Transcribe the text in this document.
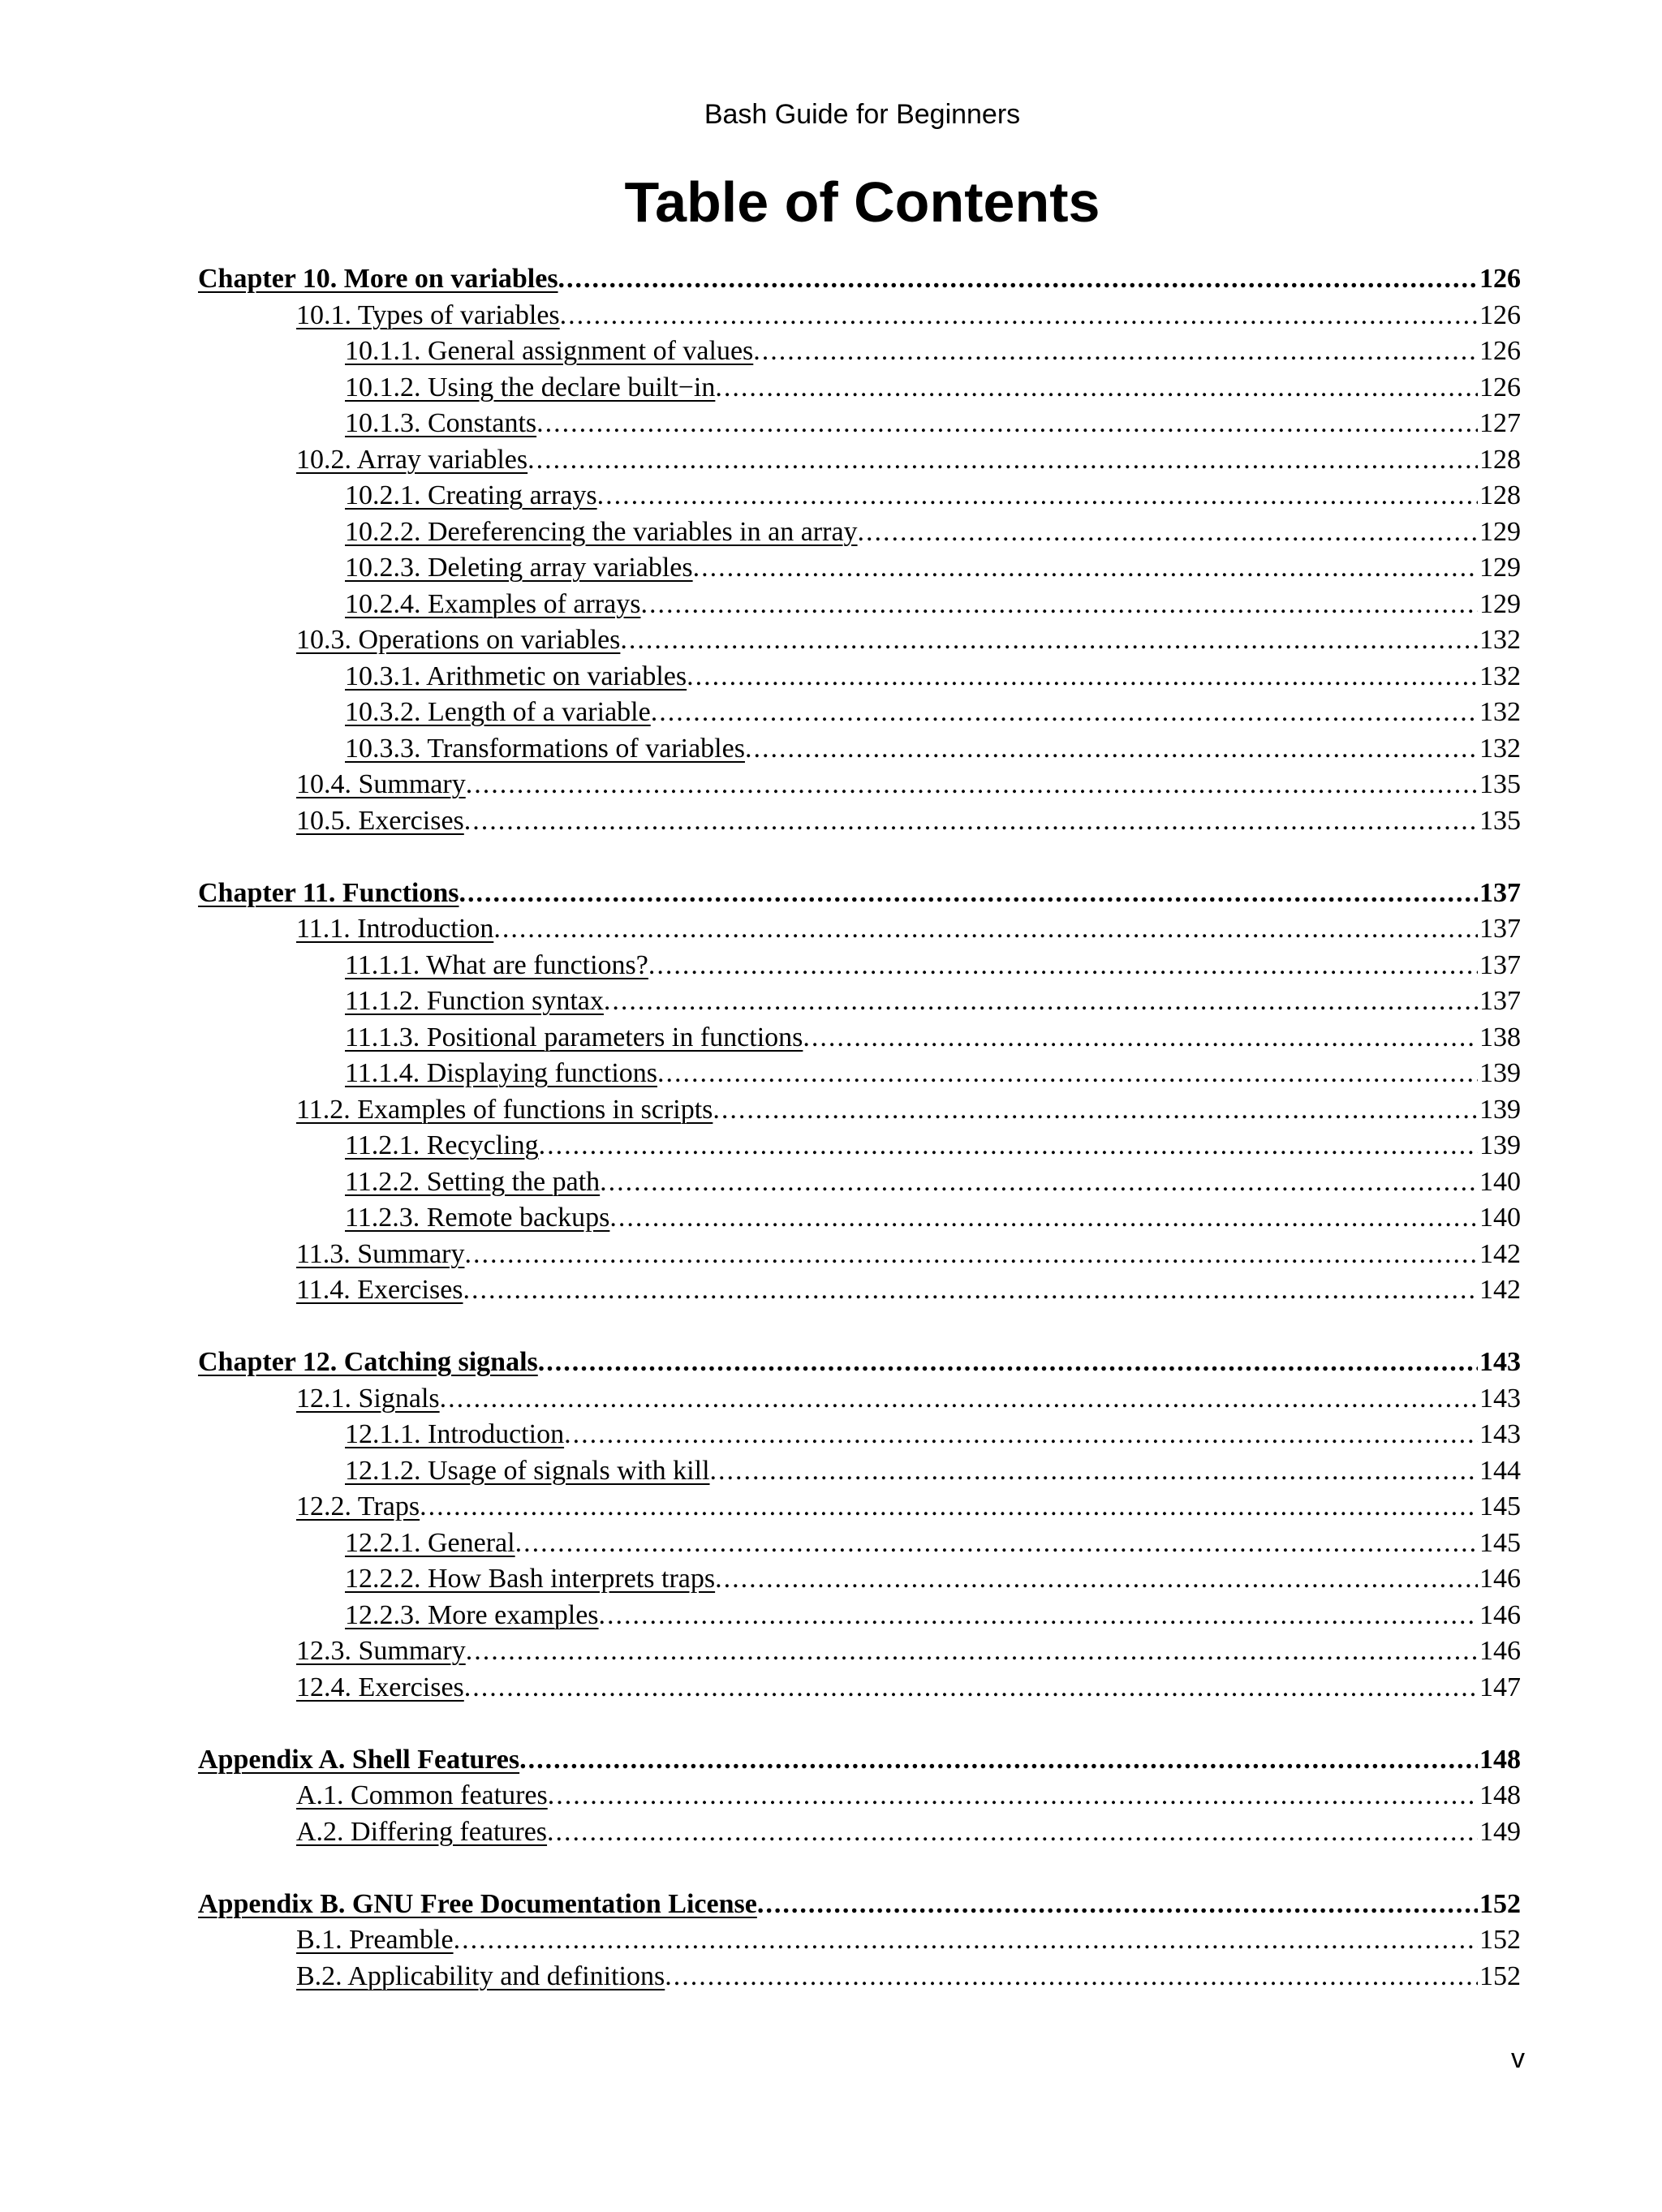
Bash Guide for Beginners
Table of Contents
Chapter 10. More on variables .....	126
10.1. Types of variables .....	126
10.1.1. General assignment of values .....	126
10.1.2. Using the declare built−in .....	126
10.1.3. Constants .....	127
10.2. Array variables .....	128
10.2.1. Creating arrays .....	128
10.2.2. Dereferencing the variables in an array .....	129
10.2.3. Deleting array variables .....	129
10.2.4. Examples of arrays .....	129
10.3. Operations on variables .....	132
10.3.1. Arithmetic on variables .....	132
10.3.2. Length of a variable .....	132
10.3.3. Transformations of variables .....	132
10.4. Summary .....	135
10.5. Exercises .....	135
Chapter 11. Functions .....	137
11.1. Introduction .....	137
11.1.1. What are functions? .....	137
11.1.2. Function syntax .....	137
11.1.3. Positional parameters in functions .....	138
11.1.4. Displaying functions .....	139
11.2. Examples of functions in scripts .....	139
11.2.1. Recycling .....	139
11.2.2. Setting the path .....	140
11.2.3. Remote backups .....	140
11.3. Summary .....	142
11.4. Exercises .....	142
Chapter 12. Catching signals .....	143
12.1. Signals .....	143
12.1.1. Introduction .....	143
12.1.2. Usage of signals with kill .....	144
12.2. Traps .....	145
12.2.1. General .....	145
12.2.2. How Bash interprets traps .....	146
12.2.3. More examples .....	146
12.3. Summary .....	146
12.4. Exercises .....	147
Appendix A. Shell Features .....	148
A.1. Common features .....	148
A.2. Differing features .....	149
Appendix B. GNU Free Documentation License .....	152
B.1. Preamble .....	152
B.2. Applicability and definitions .....	152
v
